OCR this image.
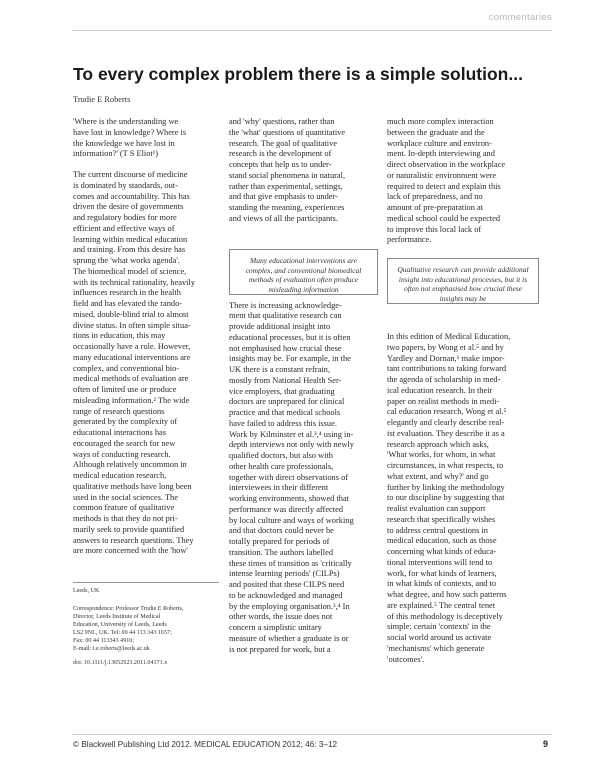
commentaries
To every complex problem there is a simple solution...
Trudie E Roberts

'Where is the understanding we
have lost in knowledge? Where is
the knowledge we have lost in
information?' (T S Eliot¹)

The current discourse of medicine
is dominated by standards, out-
comes and accountability. This has
driven the desire of governments
and regulatory bodies for more
efficient and effective ways of
learning within medical education
and training. From this desire has
sprung the 'what works agenda'.
The biomedical model of science,
with its technical rationality, heavily
influences research in the health
field and has elevated the rando-
mised, double-blind trial to almost
divine status. In often simple situa-
tions in education, this may
occasionally have a role. However,
many educational interventions are
complex, and conventional bio-
medical methods of evaluation are
often of limited use or produce
misleading information.² The wide
range of research questions
generated by the complexity of
educational interactions has
encouraged the search for new
ways of conducting research.
Although relatively uncommon in
medical education research,
qualitative methods have long been
used in the social sciences. The
common feature of qualitative
methods is that they do not pri-
marily seek to provide quantified
answers to research questions. They
are more concerned with the 'how'

Leeds, UK
Correspondence: Professor Trudie E Roberts,
Director, Leeds Institute of Medical
Education, University of Leeds, Leeds
LS2 9NL, UK. Tel: 00 44 113 343 1657;
Fax: 00 44 113343 4910;
E-mail: t.e.roberts@leeds.ac.uk
doi: 10.1111/j.13652923.2011.04171.x

and 'why' questions, rather than
the 'what' questions of quantitative
research. The goal of qualitative
research is the development of
concepts that help us to under-
stand social phenomena in natural,
rather than experimental, settings,
and that give emphasis to under-
standing the meaning, experiences
and views of all the participants.

There is increasing acknowledge-
ment that qualitative research can
provide additional insight into
educational processes, but it is often
not emphasised how crucial these
insights may be. For example, in the
UK there is a constant refrain,
mostly from National Health Ser-
vice employers, that graduating
doctors are unprepared for clinical
practice and that medical schools
have failed to address this issue.
Work by Kilminster et al.³,⁴ using in-
depth interviews not only with newly
qualified doctors, but also with
other health care professionals,
together with direct observations of
interviewees in their different
working environments, showed that
performance was directly affected
by local culture and ways of working
and that doctors could never be
totally prepared for periods of
transition. The authors labelled
these times of transition as 'critically
intense learning periods' (CILPs)
and posited that these CILPS need
to be acknowledged and managed
by the employing organisation.³,⁴ In
other words, the issue does not
concern a simplistic unitary
measure of whether a graduate is or
is not prepared for work, but a

Many educational interventions are complex, and conventional biomedical methods of evaluation often produce misleading information

much more complex interaction
between the graduate and the
workplace culture and environ-
ment. In-depth interviewing and
direct observation in the workplace
or naturalistic environment were
required to detect and explain this
lack of preparedness, and no
amount of pre-preparation at
medical school could be expected
to improve this local lack of
performance.

In this edition of Medical Education,
two papers, by Wong et al.⁵ and by
Yardley and Dornan,⁶ make impor-
tant contributions to taking forward
the agenda of scholarship in med-
ical education research. In their
paper on realist methods in medi-
cal education research, Wong et al.⁵
elegantly and clearly describe real-
ist evaluation. They describe it as a
research approach which asks,
'What works, for whom, in what
circumstances, in what respects, to
what extent, and why?' and go
further by linking the methodology
to our discipline by suggesting that
realist evaluation can support
research that specifically wishes
to address central questions in
medical education, such as those
concerning what kinds of educa-
tional interventions will tend to
work, for what kinds of learners,
in what kinds of contexts, and to
what degree, and how such patterns
are explained.⁵ The central tenet
of this methodology is deceptively
simple: certain 'contexts' in the
social world around us activate
'mechanisms' which generate
'outcomes'.

Qualitative research can provide additional insight into educational processes, but it is often not emphasised how crucial these insights may be
© Blackwell Publishing Ltd 2012. MEDICAL EDUCATION 2012; 46: 3–12	9
